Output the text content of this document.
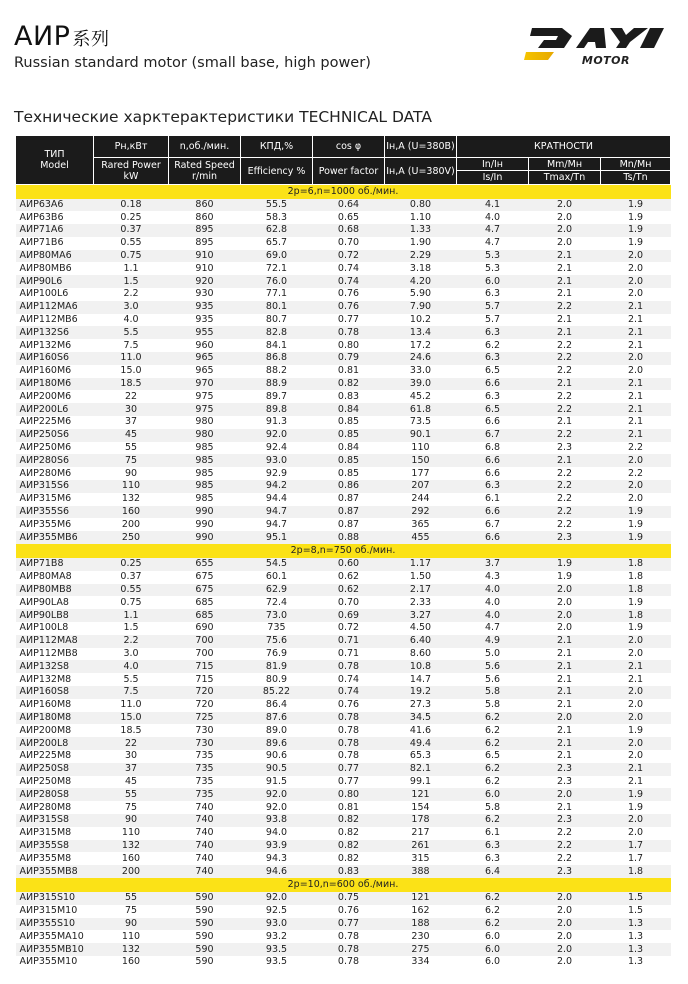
АИР 系列
Russian standard motor (small base, high power)	MOTOR
Технические харктерактеристики TECHNICAL DATA
ТИП
Model	Рн,кВт	n,об./мин.	КПД,%	cos φ	Iн,A (U=380В)	КРАТНОСТИ		
	Rared Power kW	Rated Speed r/min	Efficiency %	Power factor	Iн,A (U=380V)	In/Iн	Mm/Mн	Mn/Mн
						Is/In	Tmax/Tn	Ts/Tn
2p=6,n=1000 об./мин.								
АИР63А6	0.18	860	55.5	0.64	0.80	4.1	2.0	1.9
АИР63В6	0.25	860	58.3	0.65	1.10	4.0	2.0	1.9
АИР71А6	0.37	895	62.8	0.68	1.33	4.7	2.0	1.9
АИР71В6	0.55	895	65.7	0.70	1.90	4.7	2.0	1.9
АИР80МА6	0.75	910	69.0	0.72	2.29	5.3	2.1	2.0
АИР80МВ6	1.1	910	72.1	0.74	3.18	5.3	2.1	2.0
АИР90L6	1.5	920	76.0	0.74	4.20	6.0	2.1	2.0
АИР100L6	2.2	930	77.1	0.76	5.90	6.3	2.1	2.0
АИР112МА6	3.0	935	80.1	0.76	7.90	5.7	2.2	2.1
АИР112МВ6	4.0	935	80.7	0.77	10.2	5.7	2.1	2.1
АИР132S6	5.5	955	82.8	0.78	13.4	6.3	2.1	2.1
АИР132М6	7.5	960	84.1	0.80	17.2	6.2	2.2	2.1
АИР160S6	11.0	965	86.8	0.79	24.6	6.3	2.2	2.0
АИР160М6	15.0	965	88.2	0.81	33.0	6.5	2.2	2.0
АИР180М6	18.5	970	88.9	0.82	39.0	6.6	2.1	2.1
АИР200М6	22	975	89.7	0.83	45.2	6.3	2.2	2.1
АИР200L6	30	975	89.8	0.84	61.8	6.5	2.2	2.1
АИР225М6	37	980	91.3	0.85	73.5	6.6	2.1	2.1
АИР250S6	45	980	92.0	0.85	90.1	6.7	2.2	2.1
АИР250М6	55	985	92.4	0.84	110	6.8	2.3	2.2
АИР280S6	75	985	93.0	0.85	150	6.6	2.1	2.0
АИР280М6	90	985	92.9	0.85	177	6.6	2.2	2.2
АИР315S6	110	985	94.2	0.86	207	6.3	2.2	2.0
АИР315М6	132	985	94.4	0.87	244	6.1	2.2	2.0
АИР355S6	160	990	94.7	0.87	292	6.6	2.2	1.9
АИР355М6	200	990	94.7	0.87	365	6.7	2.2	1.9
АИР355МВ6	250	990	95.1	0.88	455	6.6	2.3	1.9
2p=8,n=750 об./мин.								
АИР71В8	0.25	655	54.5	0.60	1.17	3.7	1.9	1.8
АИР80МА8	0.37	675	60.1	0.62	1.50	4.3	1.9	1.8
АИР80МВ8	0.55	675	62.9	0.62	2.17	4.0	2.0	1.8
АИР90LA8	0.75	685	72.4	0.70	2.33	4.0	2.0	1.9
АИР90LB8	1.1	685	73.0	0.69	3.27	4.0	2.0	1.8
АИР100L8	1.5	690	735	0.72	4.50	4.7	2.0	1.9
АИР112МА8	2.2	700	75.6	0.71	6.40	4.9	2.1	2.0
АИР112МВ8	3.0	700	76.9	0.71	8.60	5.0	2.1	2.0
АИР132S8	4.0	715	81.9	0.78	10.8	5.6	2.1	2.1
АИР132М8	5.5	715	80.9	0.74	14.7	5.6	2.1	2.1
АИР160S8	7.5	720	85.22	0.74	19.2	5.8	2.1	2.0
АИР160М8	11.0	720	86.4	0.76	27.3	5.8	2.1	2.0
АИР180М8	15.0	725	87.6	0.78	34.5	6.2	2.0	2.0
АИР200М8	18.5	730	89.0	0.78	41.6	6.2	2.1	1.9
АИР200L8	22	730	89.6	0.78	49.4	6.2	2.1	2.0
АИР225М8	30	735	90.6	0.78	65.3	6.5	2.1	2.0
АИР250S8	37	735	90.5	0.77	82.1	6.2	2.3	2.1
АИР250М8	45	735	91.5	0.77	99.1	6.2	2.3	2.1
АИР280S8	55	735	92.0	0.80	121	6.0	2.0	1.9
АИР280М8	75	740	92.0	0.81	154	5.8	2.1	1.9
АИР315S8	90	740	93.8	0.82	178	6.2	2.3	2.0
АИР315М8	110	740	94.0	0.82	217	6.1	2.2	2.0
АИР355S8	132	740	93.9	0.82	261	6.3	2.2	1.7
АИР355М8	160	740	94.3	0.82	315	6.3	2.2	1.7
АИР355МВ8	200	740	94.6	0.83	388	6.4	2.3	1.8
2p=10,n=600 об./мин.								
АИР315S10	55	590	92.0	0.75	121	6.2	2.0	1.5
АИР315М10	75	590	92.5	0.76	162	6.2	2.0	1.5
АИР355S10	90	590	93.0	0.77	188	6.2	2.0	1.3
АИР355МА10	110	590	93.2	0.78	230	6.0	2.0	1.3
АИР355МВ10	132	590	93.5	0.78	275	6.0	2.0	1.3
АИР355М10	160	590	93.5	0.78	334	6.0	2.0	1.3
